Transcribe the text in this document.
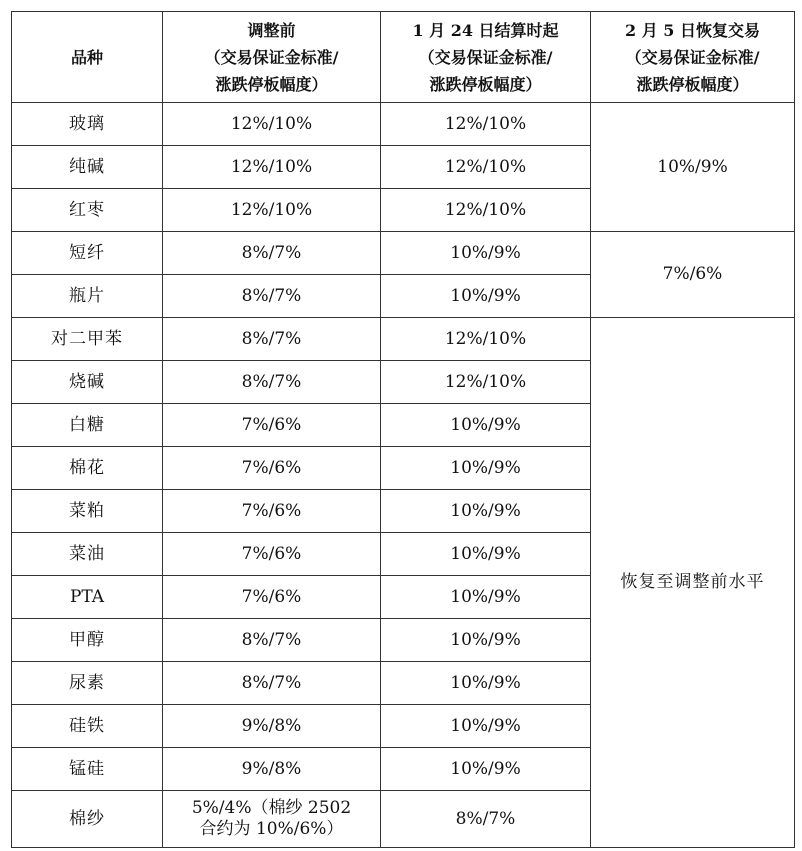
品种	调整前
（交易保证金标准/
涨跌停板幅度）	1 月 24 日结算时起
（交易保证金标准/
涨跌停板幅度）	2 月 5 日恢复交易
（交易保证金标准/
涨跌停板幅度）

玻璃	12%/10%	12%/10%	10%/9%
纯碱	12%/10%	12%/10%	
红枣	12%/10%	12%/10%	
短纤	8%/7%	10%/9%	7%/6%
瓶片	8%/7%	10%/9%	
对二甲苯	8%/7%	12%/10%	恢复至调整前水平
烧碱	8%/7%	12%/10%	
白糖	7%/6%	10%/9%	
棉花	7%/6%	10%/9%	
菜粕	7%/6%	10%/9%	
菜油	7%/6%	10%/9%	
PTA	7%/6%	10%/9%	
甲醇	8%/7%	10%/9%	
尿素	8%/7%	10%/9%	
硅铁	9%/8%	10%/9%	
锰硅	9%/8%	10%/9%	
棉纱	5%/4%（棉纱 2502
合约为 10%/6%）	8%/7%	
